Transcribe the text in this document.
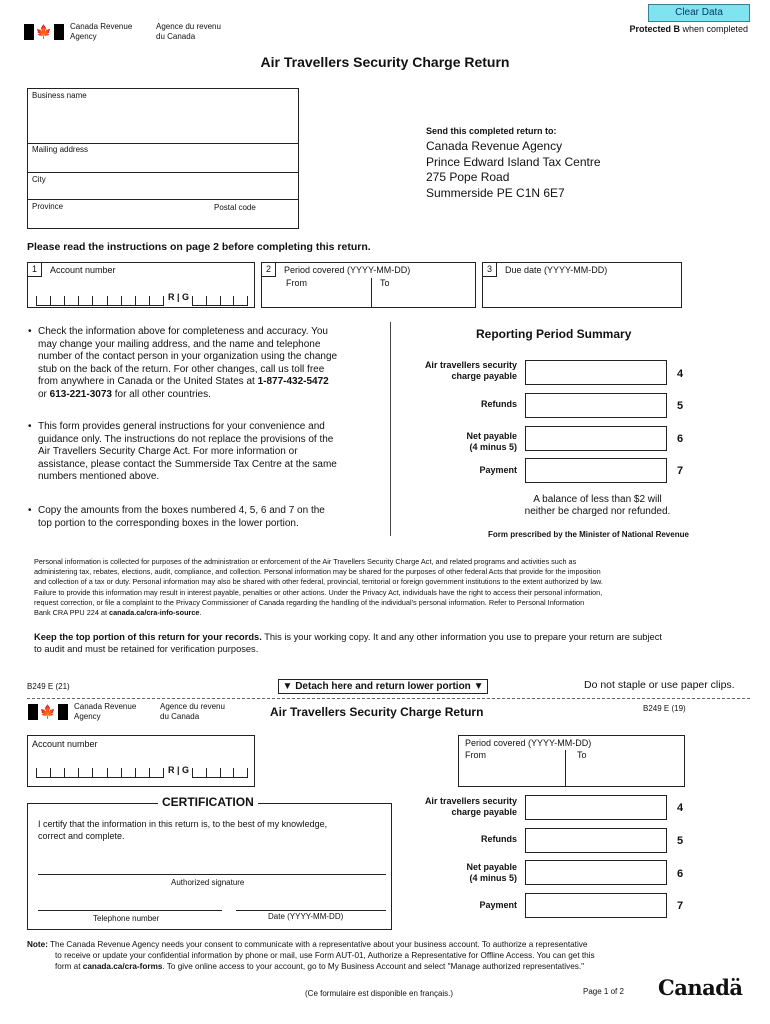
🍁 Canada Revenue
Agency
Agence du revenu
du Canada
Clear Data
Protected B when completed
Air Travellers Security Charge Return
Business name
Mailing address
City
Province	Postal code
Send this completed return to:
Canada Revenue Agency
Prince Edward Island Tax Centre
275 Pope Road
Summerside PE C1N 6E7
Please read the instructions on page 2 before completing this return.
1	Account number
R | G
2	Period covered (YYYY-MM-DD)
From	To
3	Due date (YYYY-MM-DD)
• Check the information above for completeness and accuracy. You
may change your mailing address, and the name and telephone
number of the contact person in your organization using the change
stub on the back of the return. For other changes, call us toll free
from anywhere in Canada or the United States at 1-877-432-5472
or 613-221-3073 for all other countries.
• This form provides general instructions for your convenience and
guidance only. The instructions do not replace the provisions of the
Air Travellers Security Charge Act. For more information or
assistance, please contact the Summerside Tax Centre at the same
numbers mentioned above.
• Copy the amounts from the boxes numbered 4, 5, 6 and 7 on the
top portion to the corresponding boxes in the lower portion.
Reporting Period Summary
Air travellers security
charge payable	4
Refunds	5
Net payable
(4 minus 5)
6
Payment	7
A balance of less than $2 will
neither be charged nor refunded.
Form prescribed by the Minister of National Revenue
Personal information is collected for purposes of the administration or enforcement of the Air Travellers Security Charge Act, and related programs and activities such as
administering tax, rebates, elections, audit, compliance, and collection. Personal information may be shared for the purposes of other federal Acts that provide for the imposition
and collection of a tax or duty. Personal information may also be shared with other federal, provincial, territorial or foreign government institutions to the extent authorized by law.
Failure to provide this information may result in interest payable, penalties or other actions. Under the Privacy Act, individuals have the right to access their personal information,
request correction, or file a complaint to the Privacy Commissioner of Canada regarding the handling of the individual's personal information. Refer to Personal Information
Bank CRA PPU 224 at canada.ca/cra-info-source.
Keep the top portion of this return for your records. This is your working copy. It and any other information you use to prepare your return are subject
to audit and must be retained for verification purposes.
B249 E (21)	▼ Detach here and return lower portion ▼	Do not staple or use paper clips.
🍁 Canada Revenue
Agency
Agence du revenu
du Canada	Air Travellers Security Charge Return	B249 E (19)
Account number
R | G
Period covered (YYYY-MM-DD)
From	To
CERTIFICATION
I certify that the information in this return is, to the best of my knowledge,
correct and complete.
Authorized signature
Telephone number	Date (YYYY-MM-DD)
Air travellers security
charge payable	4
Refunds	5
Net payable
(4 minus 5)	6
Payment	7
Note: The Canada Revenue Agency needs your consent to communicate with a representative about your business account. To authorize a representative
to receive or update your confidential information by phone or mail, use Form AUT-01, Authorize a Representative for Offline Access. You can get this
form at canada.ca/cra-forms. To give online access to your account, go to My Business Account and select "Manage authorized representatives."
(Ce formulaire est disponible en français.)	Page 1 of 2 Canadä
